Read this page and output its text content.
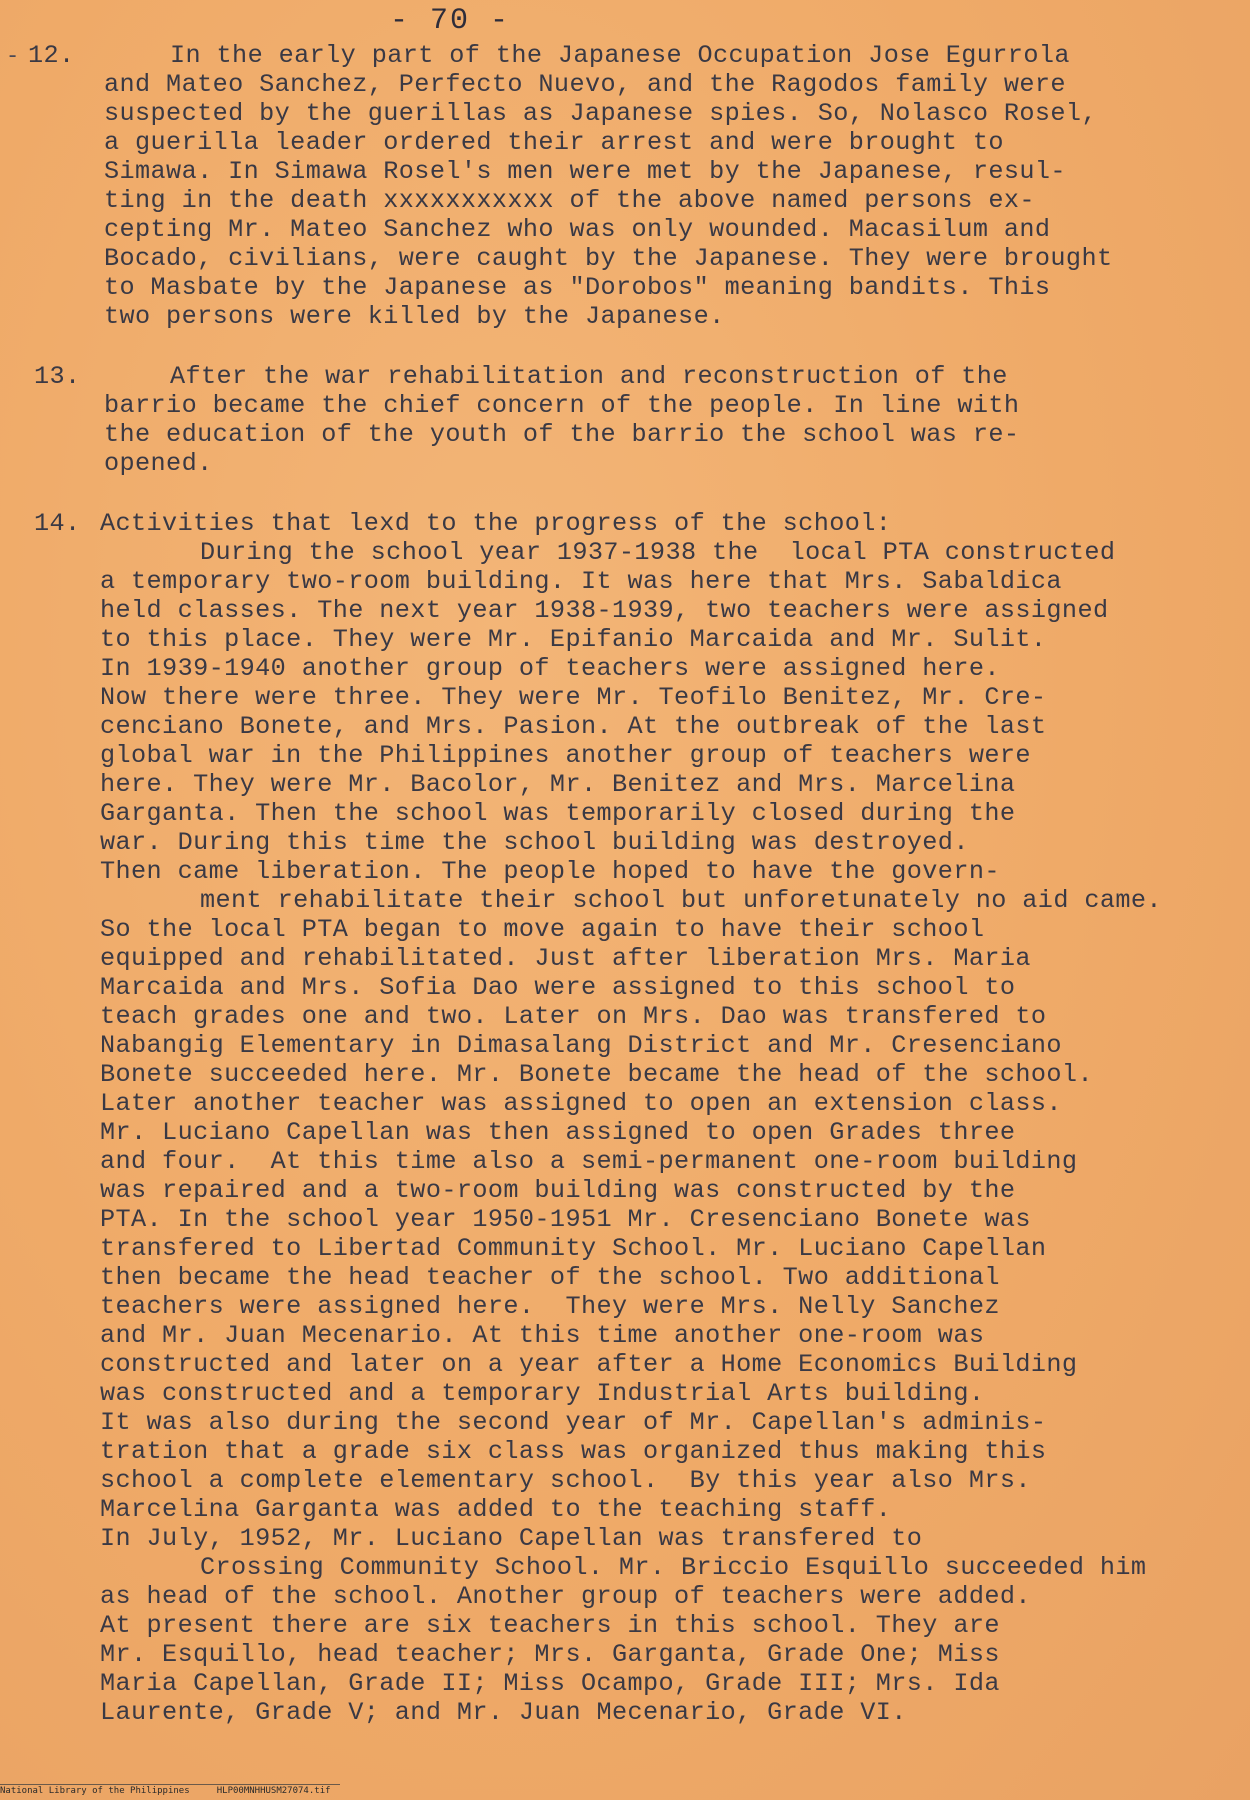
- 70 -
- 12.	In the early part of the Japanese Occupation Jose Egurrola
and Mateo Sanchez, Perfecto Nuevo, and the Ragodos family were
suspected by the guerillas as Japanese spies. So, Nolasco Rosel,
a guerilla leader ordered their arrest and were brought to
Simawa. In Simawa Rosel's men were met by the Japanese, resul-
ting in the death xxxxxxxxxxx of the above named persons ex-
cepting Mr. Mateo Sanchez who was only wounded. Macasilum and
Bocado, civilians, were caught by the Japanese. They were brought
to Masbate by the Japanese as "Dorobos" meaning bandits. This
two persons were killed by the Japanese.
13.	After the war rehabilitation and reconstruction of the
barrio became the chief concern of the people. In line with
the education of the youth of the barrio the school was re-
opened.
14. Activities that lexd to the progress of the school:
During the school year 1937-1938 the  local PTA constructed
a temporary two-room building. It was here that Mrs. Sabaldica
held classes. The next year 1938-1939, two teachers were assigned
to this place. They were Mr. Epifanio Marcaida and Mr. Sulit.
In 1939-1940 another group of teachers were assigned here.
Now there were three. They were Mr. Teofilo Benitez, Mr. Cre-
cenciano Bonete, and Mrs. Pasion. At the outbreak of the last
global war in the Philippines another group of teachers were
here. They were Mr. Bacolor, Mr. Benitez and Mrs. Marcelina
Garganta. Then the school was temporarily closed during the
war. During this time the school building was destroyed.
Then came liberation. The people hoped to have the govern-
ment rehabilitate their school but unforetunately no aid came.
So the local PTA began to move again to have their school
equipped and rehabilitated. Just after liberation Mrs. Maria
Marcaida and Mrs. Sofia Dao were assigned to this school to
teach grades one and two. Later on Mrs. Dao was transfered to
Nabangig Elementary in Dimasalang District and Mr. Cresenciano
Bonete succeeded here. Mr. Bonete became the head of the school.
Later another teacher was assigned to open an extension class.
Mr. Luciano Capellan was then assigned to open Grades three
and four.  At this time also a semi-permanent one-room building
was repaired and a two-room building was constructed by the
PTA. In the school year 1950-1951 Mr. Cresenciano Bonete was
transfered to Libertad Community School. Mr. Luciano Capellan
then became the head teacher of the school. Two additional
teachers were assigned here.  They were Mrs. Nelly Sanchez
and Mr. Juan Mecenario. At this time another one-room was
constructed and later on a year after a Home Economics Building
was constructed and a temporary Industrial Arts building.
It was also during the second year of Mr. Capellan's adminis-
tration that a grade six class was organized thus making this
school a complete elementary school.  By this year also Mrs.
Marcelina Garganta was added to the teaching staff.
In July, 1952, Mr. Luciano Capellan was transfered to
Crossing Community School. Mr. Briccio Esquillo succeeded him
as head of the school. Another group of teachers were added.
At present there are six teachers in this school. They are
Mr. Esquillo, head teacher; Mrs. Garganta, Grade One; Miss
Maria Capellan, Grade II; Miss Ocampo, Grade III; Mrs. Ida
Laurente, Grade V; and Mr. Juan Mecenario, Grade VI.
National Library of the Philippines     HLP00MNHHUSM27074.tif
